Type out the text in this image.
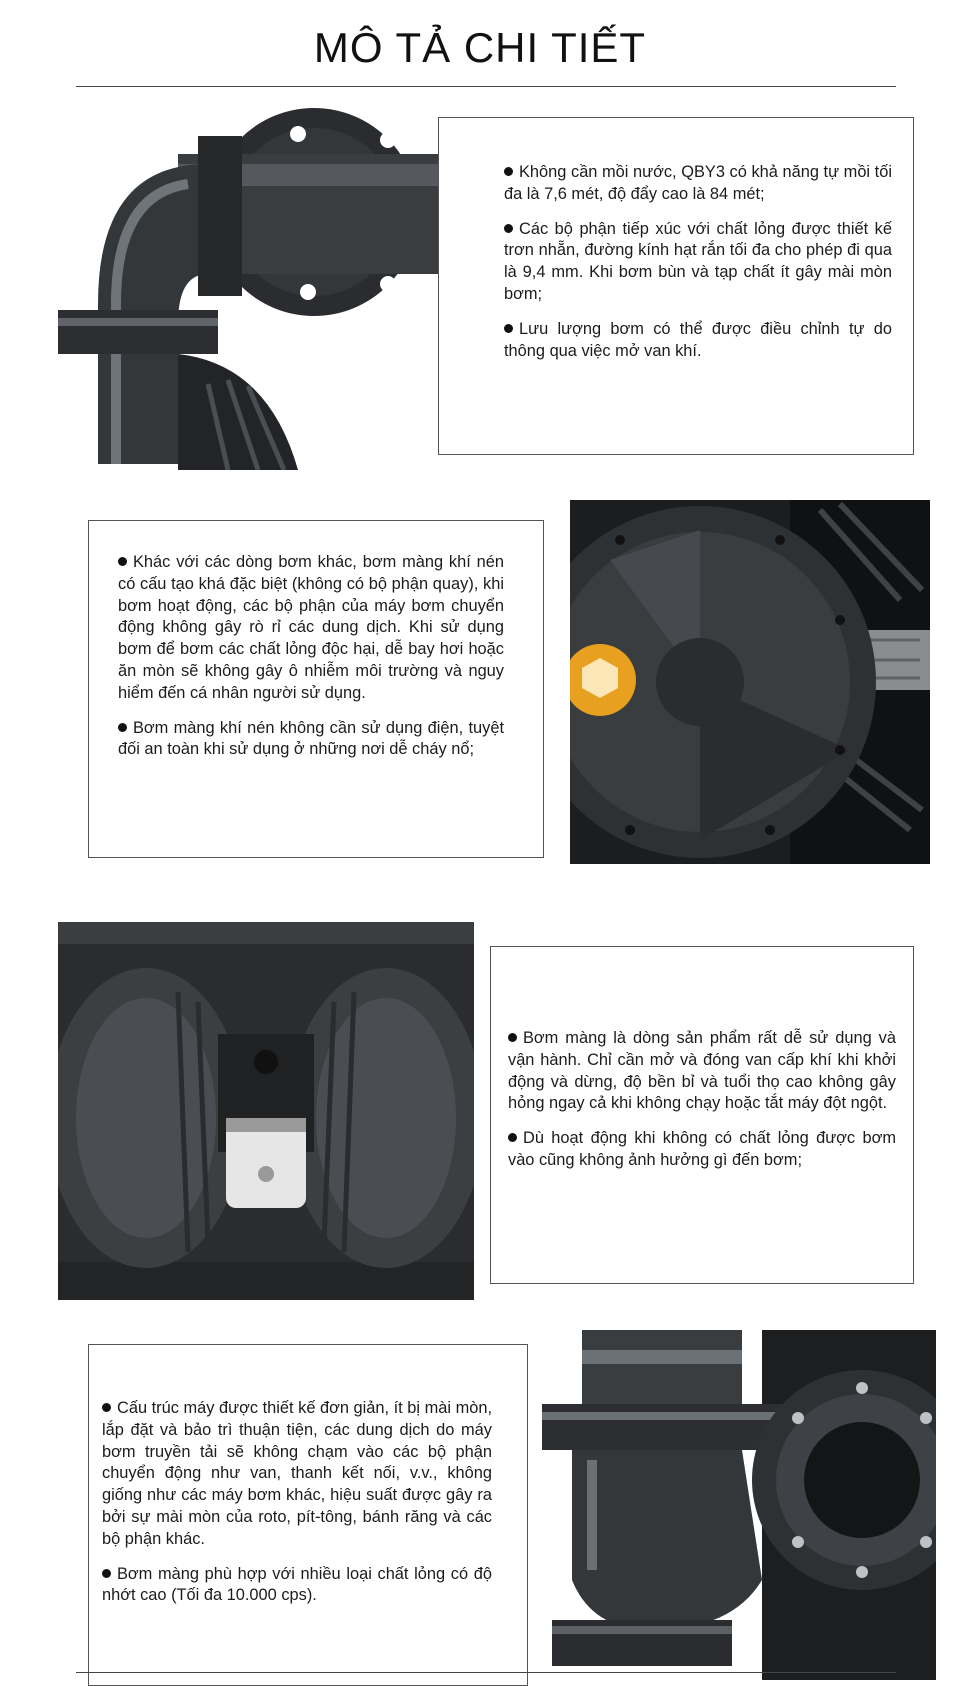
MÔ TẢ CHI TIẾT

Không cần mồi nước, QBY3 có khả năng tự mồi tối đa là 7,6 mét, độ đẩy cao là 84 mét;

Các bộ phận tiếp xúc với chất lỏng được thiết kế trơn nhẵn, đường kính hạt rắn tối đa cho phép đi qua là 9,4 mm. Khi bơm bùn và tạp chất ít gây mài mòn bơm;

Lưu lượng bơm có thể được điều chỉnh tự do thông qua việc mở van khí.

Khác với các dòng bơm khác, bơm màng khí nén có cấu tạo khá đặc biệt (không có bộ phận quay), khi bơm hoạt động, các bộ phận của máy bơm chuyển động không gây rò rỉ các dung dịch. Khi sử dụng bơm để bơm các chất lỏng độc hại, dễ bay hơi hoặc ăn mòn sẽ không gây ô nhiễm môi trường và nguy hiểm đến cá nhân người sử dụng.

Bơm màng khí nén không cần sử dụng điện, tuyệt đối an toàn khi sử dụng ở những nơi dễ cháy nổ;

Bơm màng là dòng sản phẩm rất dễ sử dụng và vận hành. Chỉ cần mở và đóng van cấp khí khi khởi động và dừng, độ bền bỉ và tuổi thọ cao không gây hỏng ngay cả khi không chạy hoặc tắt máy đột ngột.

Dù hoạt động khi không có chất lỏng được bơm vào cũng không ảnh hưởng gì đến bơm;

Cấu trúc máy được thiết kế đơn giản, ít bị mài mòn, lắp đặt và bảo trì thuận tiện, các dung dịch do máy bơm truyền tải sẽ không chạm vào các bộ phận chuyển động như van, thanh kết nối, v.v., không giống như các máy bơm khác, hiệu suất được gây ra bởi sự mài mòn của roto, pít-tông, bánh răng và các bộ phận khác.

Bơm màng phù hợp với nhiều loại chất lỏng có độ nhớt cao (Tối đa 10.000 cps).
